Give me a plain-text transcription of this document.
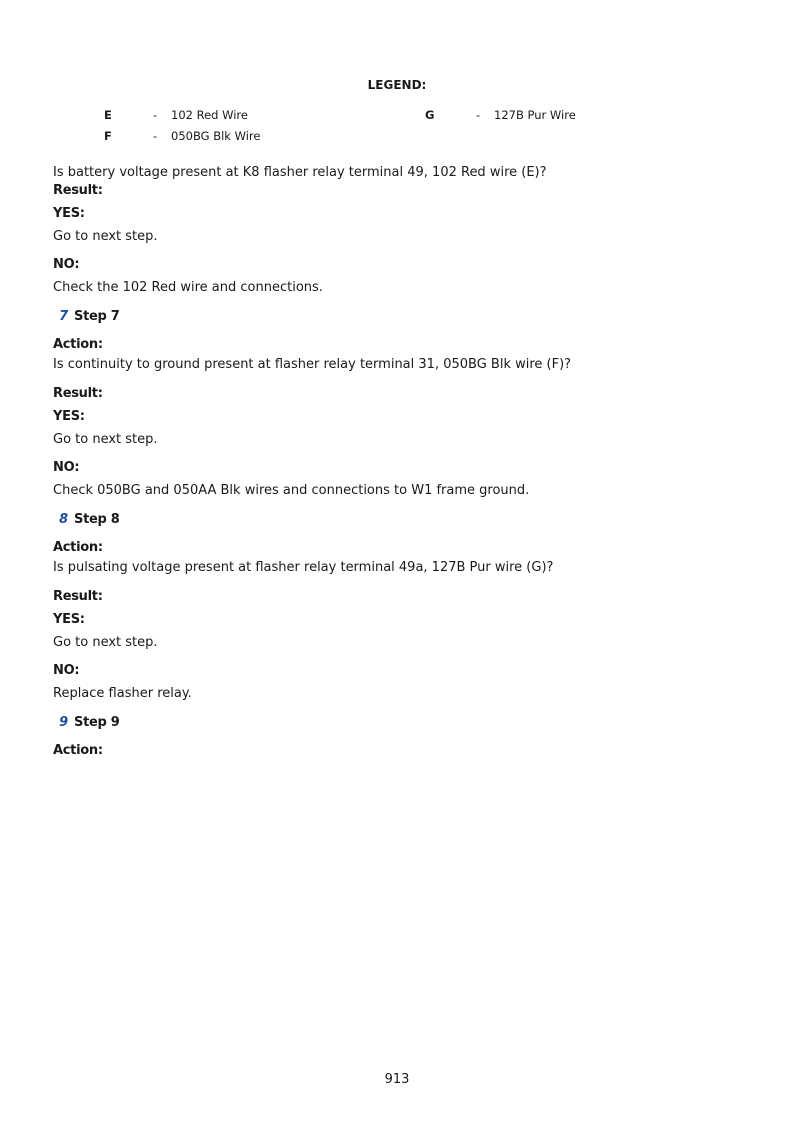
LEGEND:
E	- 102 Red Wire	G	- 127B Pur Wire
F	- 050BG Blk Wire

Is battery voltage present at K8 flasher relay terminal 49, 102 Red wire (E)?

Result:

YES:

Go to next step.

NO:

Check the 102 Red wire and connections.

7 Step 7

Action:

Is continuity to ground present at flasher relay terminal 31, 050BG Blk wire (F)?

Result:

YES:

Go to next step.

NO:

Check 050BG and 050AA Blk wires and connections to W1 frame ground.

8 Step 8

Action:

Is pulsating voltage present at flasher relay terminal 49a, 127B Pur wire (G)?

Result:

YES:

Go to next step.

NO:

Replace flasher relay.

9 Step 9

Action:

913
